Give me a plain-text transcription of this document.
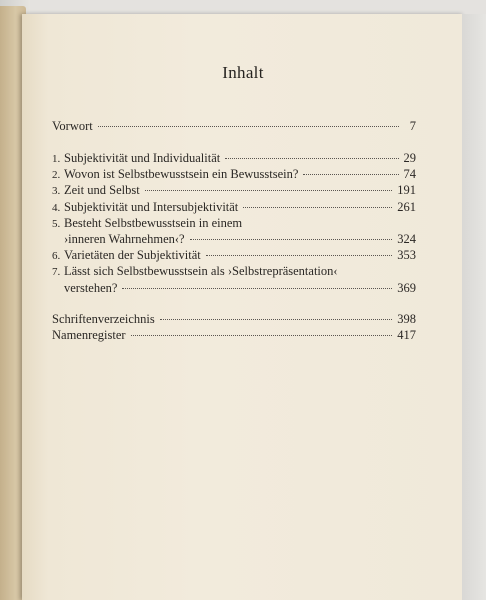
Inhalt
Vorwort	7
1. Subjektivität und Individualität	29
2. Wovon ist Selbstbewusstsein ein Bewusstsein?	74
3. Zeit und Selbst	191
4. Subjektivität und Intersubjektivität	261
5. Besteht Selbstbewusstsein in einem
›inneren Wahrnehmen‹?	324
6. Varietäten der Subjektivität	353
7. Lässt sich Selbstbewusstsein als ›Selbstrepräsentation‹
verstehen?	369
Schriftenverzeichnis	398
Namenregister	417
